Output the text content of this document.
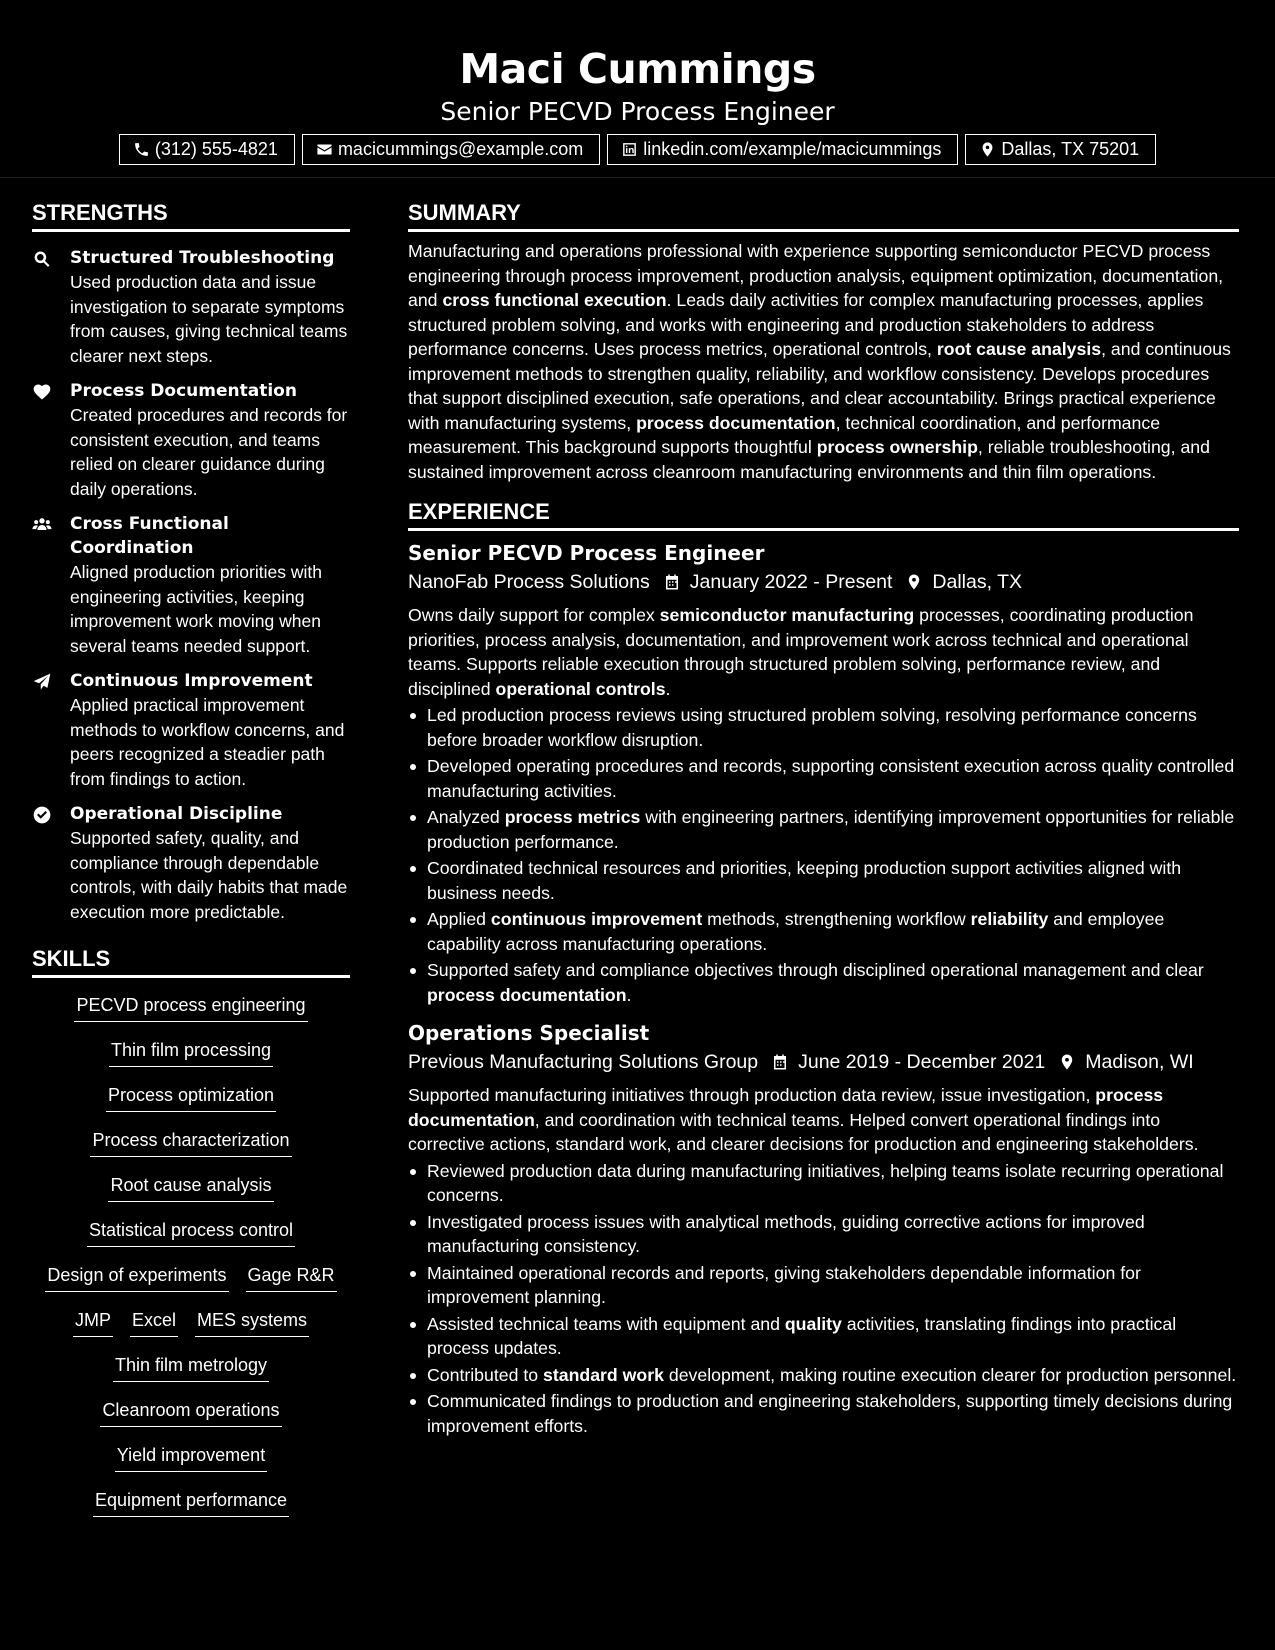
Maci Cummings
Senior PECVD Process Engineer
(312) 555-4821	macicummings@example.com	linkedin.com/example/macicummings	Dallas, TX 75201
STRENGTHS
Structured Troubleshooting
Used production data and issue investigation to separate symptoms from causes, giving technical teams clearer next steps.
Process Documentation
Created procedures and records for consistent execution, and teams relied on clearer guidance during daily operations.
Cross Functional Coordination
Aligned production priorities with engineering activities, keeping improvement work moving when several teams needed support.
Continuous Improvement
Applied practical improvement methods to workflow concerns, and peers recognized a steadier path from findings to action.
Operational Discipline
Supported safety, quality, and compliance through dependable controls, with daily habits that made execution more predictable.
SKILLS
PECVD process engineering
Thin film processing
Process optimization
Process characterization
Root cause analysis
Statistical process control
Design of experiments Gage R&R
JMP Excel MES systems
Thin film metrology
Cleanroom operations
Yield improvement
Equipment performance
SUMMARY
Manufacturing and operations professional with experience supporting semiconductor PECVD process engineering through process improvement, production analysis, equipment optimization, documentation, and cross functional execution. Leads daily activities for complex manufacturing processes, applies structured problem solving, and works with engineering and production stakeholders to address performance concerns. Uses process metrics, operational controls, root cause analysis, and continuous improvement methods to strengthen quality, reliability, and workflow consistency. Develops procedures that support disciplined execution, safe operations, and clear accountability. Brings practical experience with manufacturing systems, process documentation, technical coordination, and performance measurement. This background supports thoughtful process ownership, reliable troubleshooting, and sustained improvement across cleanroom manufacturing environments and thin film operations.
EXPERIENCE
Senior PECVD Process Engineer
NanoFab Process Solutions January 2022 - Present Dallas, TX
Owns daily support for complex semiconductor manufacturing processes, coordinating production priorities, process analysis, documentation, and improvement work across technical and operational teams. Supports reliable execution through structured problem solving, performance review, and disciplined operational controls.
Led production process reviews using structured problem solving, resolving performance concerns before broader workflow disruption.
Developed operating procedures and records, supporting consistent execution across quality controlled manufacturing activities.
Analyzed process metrics with engineering partners, identifying improvement opportunities for reliable production performance.
Coordinated technical resources and priorities, keeping production support activities aligned with business needs.
Applied continuous improvement methods, strengthening workflow reliability and employee capability across manufacturing operations.
Supported safety and compliance objectives through disciplined operational management and clear process documentation.
Operations Specialist
Previous Manufacturing Solutions Group June 2019 - December 2021 Madison, WI
Supported manufacturing initiatives through production data review, issue investigation, process documentation, and coordination with technical teams. Helped convert operational findings into corrective actions, standard work, and clearer decisions for production and engineering stakeholders.
Reviewed production data during manufacturing initiatives, helping teams isolate recurring operational concerns.
Investigated process issues with analytical methods, guiding corrective actions for improved manufacturing consistency.
Maintained operational records and reports, giving stakeholders dependable information for improvement planning.
Assisted technical teams with equipment and quality activities, translating findings into practical process updates.
Contributed to standard work development, making routine execution clearer for production personnel.
Communicated findings to production and engineering stakeholders, supporting timely decisions during improvement efforts.
